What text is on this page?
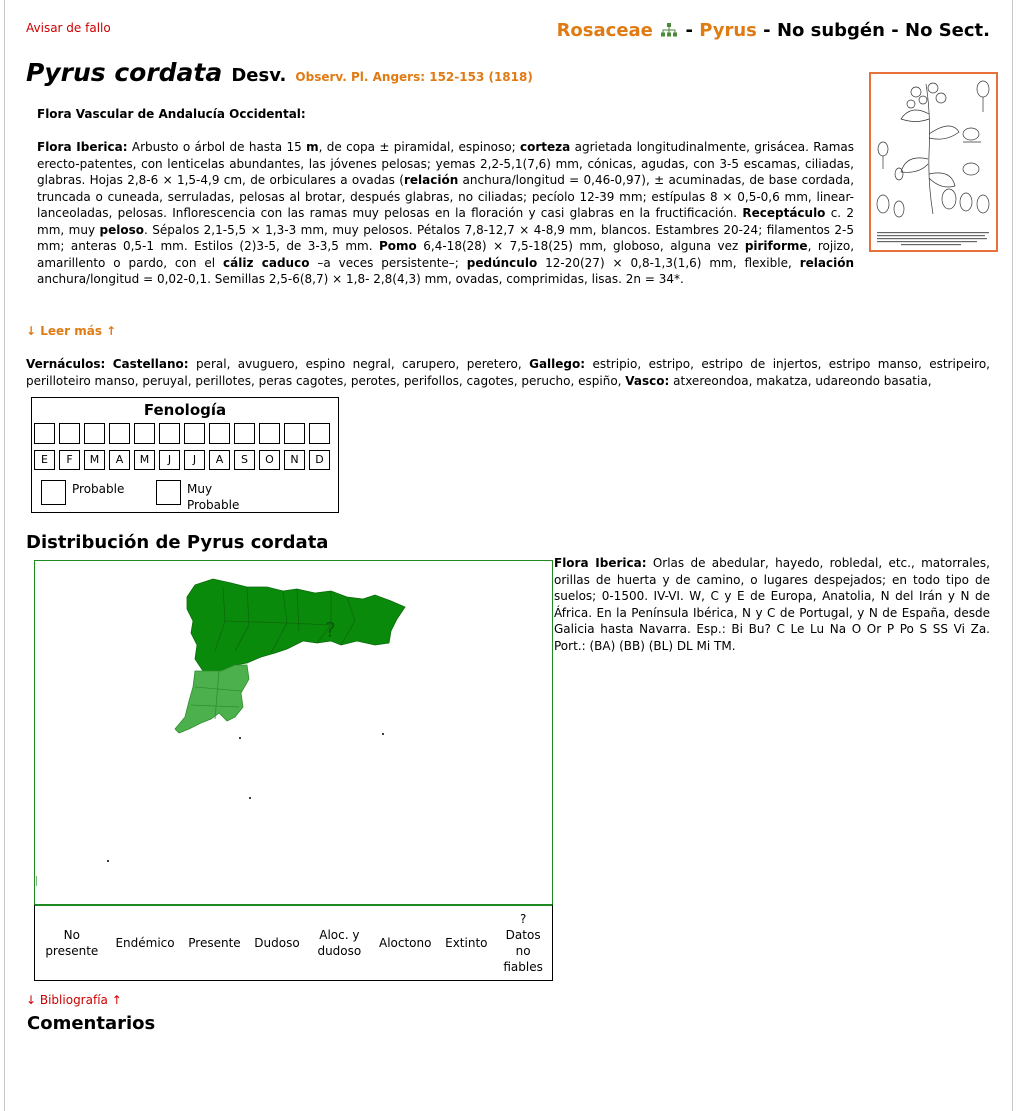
Avisar de fallo	Rosaceae - Pyrus - No subgén - No Sect.
Pyrus cordata Desv. Observ. Pl. Angers: 152-153 (1818)
Flora Vascular de Andalucía Occidental:
Flora Iberica: Arbusto o árbol de hasta 15 m, de copa ± piramidal, espinoso; corteza agrietada longitudinalmente, grisácea. Ramas erecto-patentes, con lenticelas abundantes, las jóvenes pelosas; yemas 2,2-5,1(7,6) mm, cónicas, agudas, con 3-5 escamas, ciliadas, glabras. Hojas 2,8-6 × 1,5-4,9 cm, de orbiculares a ovadas (relación anchura/longitud = 0,46-0,97), ± acuminadas, de base cordada, truncada o cuneada, serruladas, pelosas al brotar, después glabras, no ciliadas; pecíolo 12-39 mm; estípulas 8 × 0,5-0,6 mm, linear-lanceoladas, pelosas. Inflorescencia con las ramas muy pelosas en la floración y casi glabras en la fructificación. Receptáculo c. 2 mm, muy peloso. Sépalos 2,1-5,5 × 1,3-3 mm, muy pelosos. Pétalos 7,8-12,7 × 4-8,9 mm, blancos. Estambres 20-24; filamentos 2-5 mm; anteras 0,5-1 mm. Estilos (2)3-5, de 3-3,5 mm. Pomo 6,4-18(28) × 7,5-18(25) mm, globoso, alguna vez piriforme, rojizo, amarillento o pardo, con el cáliz caduco –a veces persistente–; pedúnculo 12-20(27) × 0,8-1,3(1,6) mm, flexible, relación anchura/longitud = 0,02-0,1. Semillas 2,5-6(8,7) × 1,8- 2,8(4,3) mm, ovadas, comprimidas, lisas. 2n = 34*.
↓ Leer más ↑
Vernáculos: Castellano: peral, avuguero, espino negral, carupero, peretero, Gallego: estripio, estripo, estripo de injertos, estripo manso, estripeiro, perilloteiro manso, peruyal, perillotes, peras cagotes, perotes, perifollos, cagotes, perucho, espiño, Vasco: atxereondoa, makatza, udareondo basatia,
Fenología
E	F	M	A	M	J	J	A	S	O	N	D
Probable	Muy
Probable
Distribución de Pyrus cordata
?
Flora Iberica: Orlas de abedular, hayedo, robledal, etc., matorrales, orillas de huerta y de camino, o lugares despejados; en todo tipo de suelos; 0-1500. IV-VI. W, C y E de Europa, Anatolia, N del Irán y N de África. En la Península Ibérica, N y C de Portugal, y N de España, desde Galicia hasta Navarra. Esp.: Bi Bu? C Le Lu Na O Or P Po S SS Vi Za. Port.: (BA) (BB) (BL) DL Mi TM.
No presente
Endémico Presente Dudoso
Aloc. y dudoso
Aloctono Extinto
?
Datos no fiables
↓ Bibliografía ↑
Comentarios
